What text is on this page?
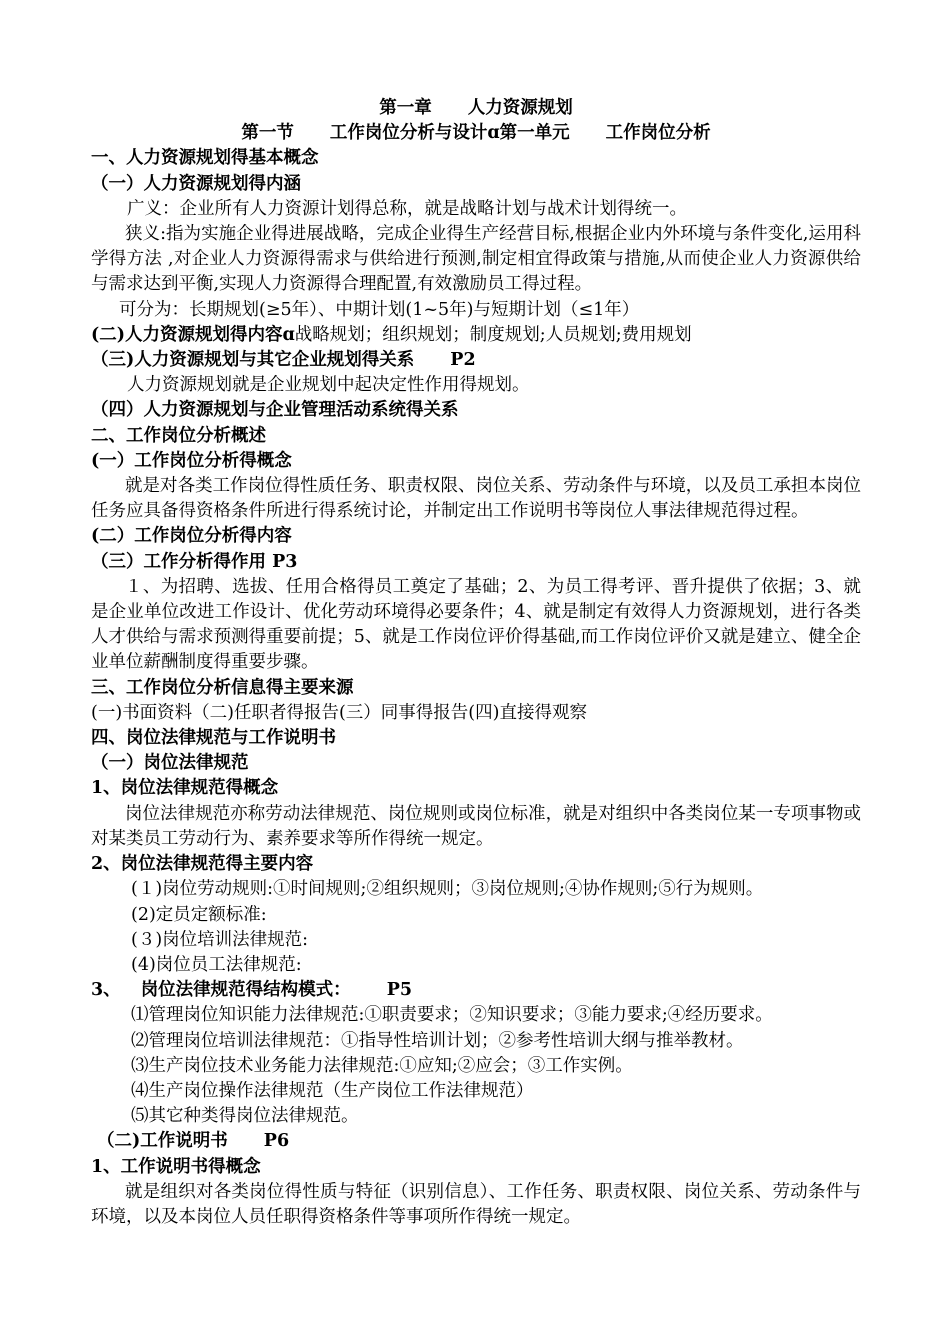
第一章 人力资源规划
第一节 工作岗位分析与设计ɑ第一单元 工作岗位分析
一、人力资源规划得基本概念
（一）人力资源规划得内涵
广义：企业所有人力资源计划得总称，就是战略计划与战术计划得统一。
狭义:指为实施企业得进展战略，完成企业得生产经营目标,根据企业内外环境与条件变化,运用科学得方法 ,对企业人力资源得需求与供给进行预测,制定相宜得政策与措施,从而使企业人力资源供给与需求达到平衡,实现人力资源得合理配置,有效激励员工得过程。
可分为：长期规划(≥5年）、中期计划(1~5年)与短期计划（≤1年）
(二)人力资源规划得内容ɑ战略规划；组织规划；制度规划;人员规划;费用规划
（三)人力资源规划与其它企业规划得关系 P2
人力资源规划就是企业规划中起决定性作用得规划。
（四）人力资源规划与企业管理活动系统得关系
二、工作岗位分析概述
(一）工作岗位分析得概念
就是对各类工作岗位得性质任务、职责权限、岗位关系、劳动条件与环境，以及员工承担本岗位任务应具备得资格条件所进行得系统讨论，并制定出工作说明书等岗位人事法律规范得过程。
(二）工作岗位分析得内容
（三）工作分析得作用 P3
１、为招聘、选拔、任用合格得员工奠定了基础；2、为员工得考评、晋升提供了依据；3、就是企业单位改进工作设计、优化劳动环境得必要条件；4、就是制定有效得人力资源规划，进行各类人才供给与需求预测得重要前提；5、就是工作岗位评价得基础,而工作岗位评价又就是建立、健全企业单位薪酬制度得重要步骤。
三、工作岗位分析信息得主要来源
(一)书面资料（二)任职者得报告(三）同事得报告(四)直接得观察
四、岗位法律规范与工作说明书
（一）岗位法律规范
1、岗位法律规范得概念
岗位法律规范亦称劳动法律规范、岗位规则或岗位标准，就是对组织中各类岗位某一专项事物或对某类员工劳动行为、素养要求等所作得统一规定。
2、岗位法律规范得主要内容
(１)岗位劳动规则:①时间规则;②组织规则；③岗位规则;④协作规则;⑤行为规则。
(2)定员定额标准:
(３)岗位培训法律规范:
(4)岗位员工法律规范:
3、 岗位法律规范得结构模式： P5
⑴管理岗位知识能力法律规范:①职责要求；②知识要求；③能力要求;④经历要求。
⑵管理岗位培训法律规范：①指导性培训计划；②参考性培训大纲与推举教材。
⑶生产岗位技术业务能力法律规范:①应知;②应会；③工作实例。
⑷生产岗位操作法律规范（生产岗位工作法律规范）
⑸其它种类得岗位法律规范。
（二)工作说明书 P6
1、工作说明书得概念
就是组织对各类岗位得性质与特征（识别信息）、工作任务、职责权限、岗位关系、劳动条件与环境，以及本岗位人员任职得资格条件等事项所作得统一规定。
